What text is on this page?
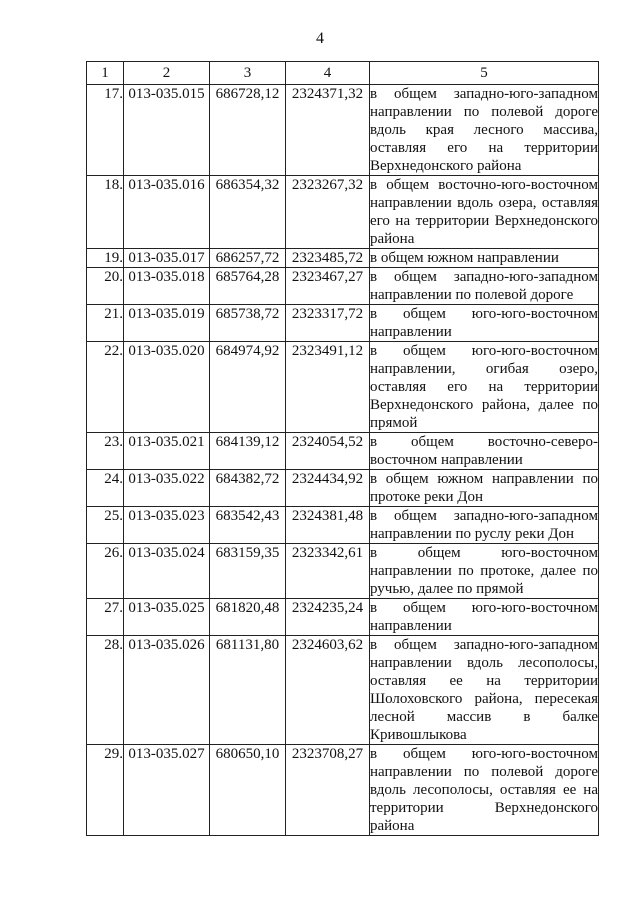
4
1	2	3	4	5
17.	013-035.015	686728,12	2324371,32	в общем западно-юго-западном направлении по полевой дороге вдоль края лесного массива, оставляя его на территории Верхнедонского района
18.	013-035.016	686354,32	2323267,32	в общем восточно-юго-восточном направлении вдоль озера, оставляя его на территории Верхнедонского района
19.	013-035.017	686257,72	2323485,72	в общем южном направлении
20.	013-035.018	685764,28	2323467,27	в общем западно-юго-западном направлении по полевой дороге
21.	013-035.019	685738,72	2323317,72	в общем юго-юго-восточном направлении
22.	013-035.020	684974,92	2323491,12	в общем юго-юго-восточном направлении, огибая озеро, оставляя его на территории Верхнедонского района, далее по прямой
23.	013-035.021	684139,12	2324054,52	в общем восточно-северо-восточном направлении
24.	013-035.022	684382,72	2324434,92	в общем южном направлении по протоке реки Дон
25.	013-035.023	683542,43	2324381,48	в общем западно-юго-западном направлении по руслу реки Дон
26.	013-035.024	683159,35	2323342,61	в общем юго-восточном направлении по протоке, далее по ручью, далее по прямой
27.	013-035.025	681820,48	2324235,24	в общем юго-юго-восточном направлении
28.	013-035.026	681131,80	2324603,62	в общем западно-юго-западном направлении вдоль лесополосы, оставляя ее на территории Шолоховского района, пересекая лесной массив в балке Кривошлыкова
29.	013-035.027	680650,10	2323708,27	в общем юго-юго-восточном направлении по полевой дороге вдоль лесополосы, оставляя ее на территории Верхнедонского района
